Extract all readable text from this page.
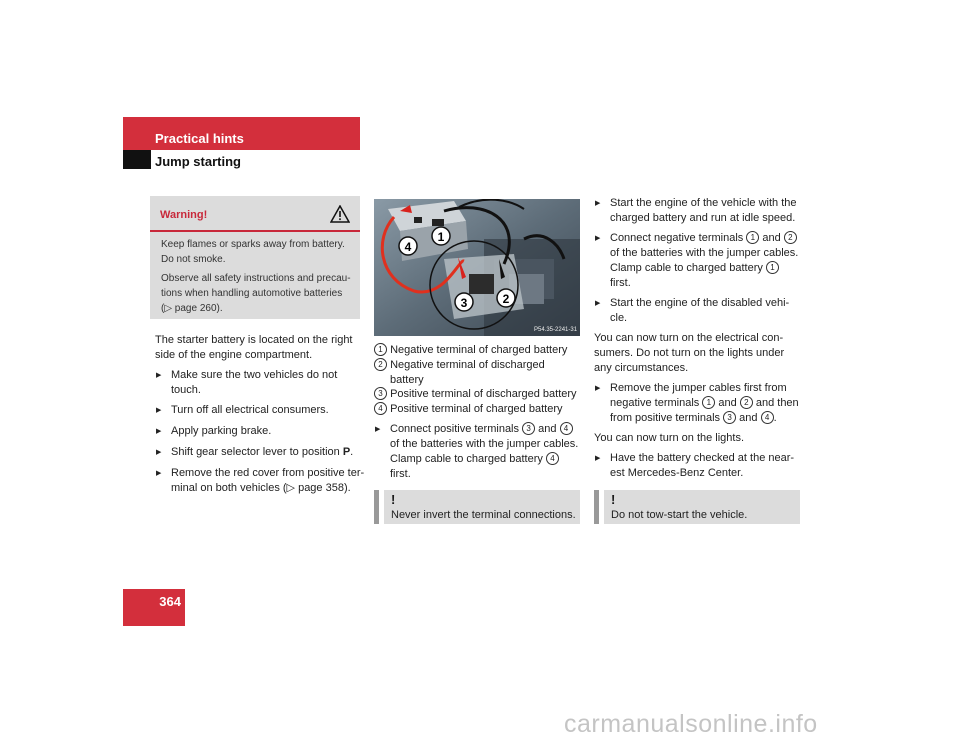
Practical hints
Jump starting
364
Warning!
Keep flames or sparks away from battery.
Do not smoke.
Observe all safety instructions and precau-
tions when handling automotive batteries
(▷ page 260).
The starter battery is located on the right
side of the engine compartment.
▶ Make sure the two vehicles do not
touch.
▶ Turn off all electrical consumers.
▶ Apply parking brake.
▶ Shift gear selector lever to position P.
▶ Remove the red cover from positive ter-
minal on both vehicles (▷ page 358).
1
4
2
3
P54.35-2241-31
1 Negative terminal of charged battery
2 Negative terminal of discharged
battery
3 Positive terminal of discharged battery
4 Positive terminal of charged battery
▶ Connect positive terminals 3 and 4
of the batteries with the jumper cables.
Clamp cable to charged battery 4
first.
!
Never invert the terminal connections.
▶ Start the engine of the vehicle with the
charged battery and run at idle speed.
▶ Connect negative terminals 1 and 2
of the batteries with the jumper cables.
Clamp cable to charged battery 1
first.
▶ Start the engine of the disabled vehi-
cle.
You can now turn on the electrical con-
sumers. Do not turn on the lights under
any circumstances.
▶ Remove the jumper cables first from
negative terminals 1 and 2 and then
from positive terminals 3 and 4 .
You can now turn on the lights.
▶ Have the battery checked at the near-
est Mercedes-Benz Center.
!
Do not tow-start the vehicle.
carmanualsonline.info
